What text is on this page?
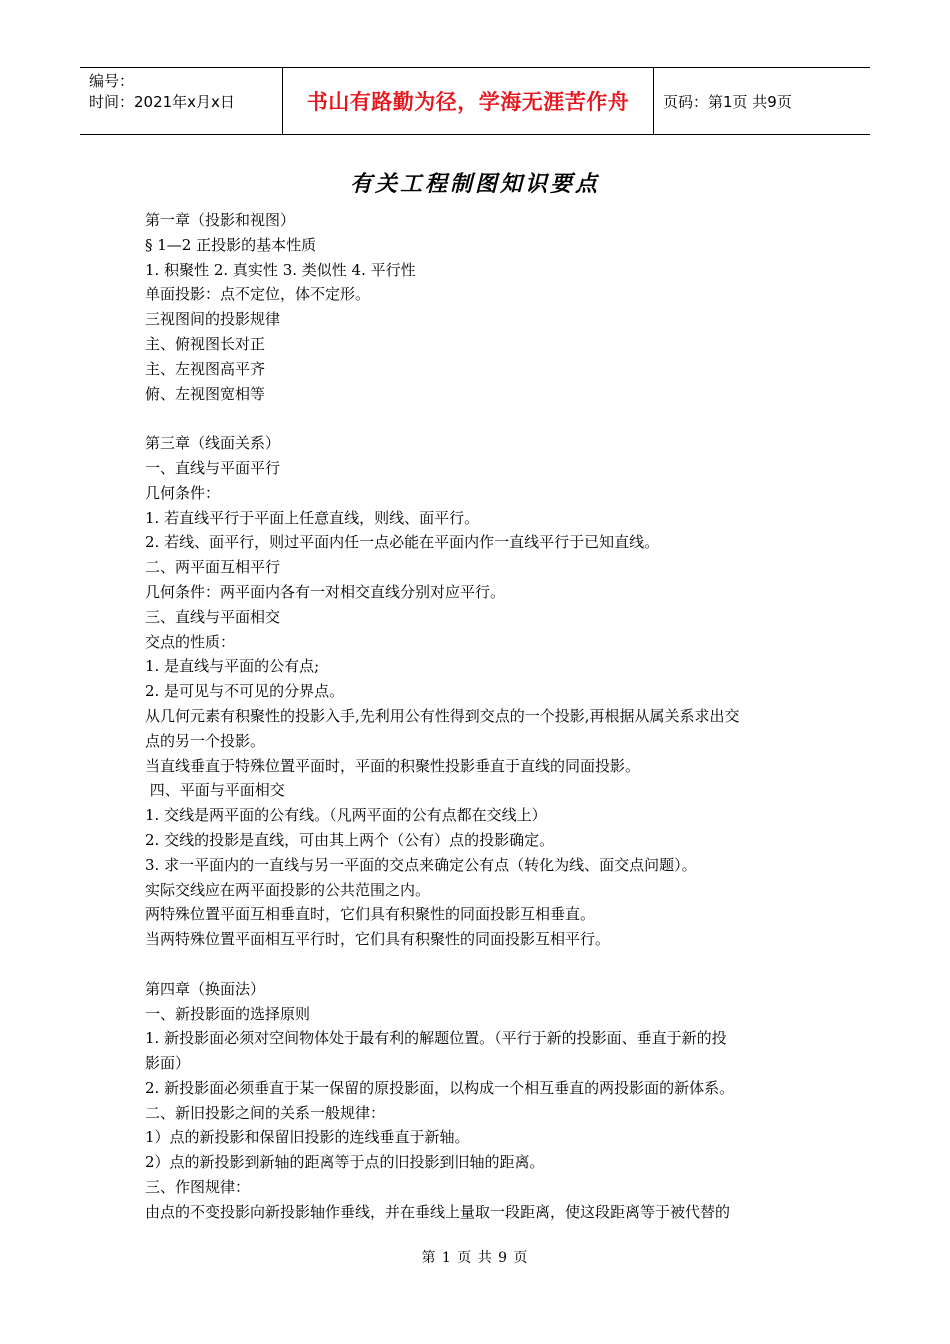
编号：
时间：2021年x月x日	书山有路勤为径，学海无涯苦作舟	页码：第1页 共9页
有关工程制图知识要点
第一章（投影和视图）
§ 1—2 正投影的基本性质
1. 积聚性 2. 真实性 3. 类似性 4. 平行性
单面投影：点不定位，体不定形。
三视图间的投影规律
主、俯视图长对正
主、左视图高平齐
俯、左视图宽相等
第三章（线面关系）
一、直线与平面平行
几何条件：
1. 若直线平行于平面上任意直线，则线、面平行。
2. 若线、面平行，则过平面内任一点必能在平面内作一直线平行于已知直线。
二、两平面互相平行
几何条件：两平面内各有一对相交直线分别对应平行。
三、直线与平面相交
交点的性质：
1. 是直线与平面的公有点;
2. 是可见与不可见的分界点。
从几何元素有积聚性的投影入手,先利用公有性得到交点的一个投影,再根据从属关系求出交
点的另一个投影。
当直线垂直于特殊位置平面时，平面的积聚性投影垂直于直线的同面投影。
四、平面与平面相交
1. 交线是两平面的公有线。（凡两平面的公有点都在交线上）
2. 交线的投影是直线，可由其上两个（公有）点的投影确定。
3. 求一平面内的一直线与另一平面的交点来确定公有点（转化为线、面交点问题）。
实际交线应在两平面投影的公共范围之内。
两特殊位置平面互相垂直时，它们具有积聚性的同面投影互相垂直。
当两特殊位置平面相互平行时，它们具有积聚性的同面投影互相平行。
第四章（换面法）
一、新投影面的选择原则
1. 新投影面必须对空间物体处于最有利的解题位置。（平行于新的投影面、垂直于新的投
影面）
2. 新投影面必须垂直于某一保留的原投影面，以构成一个相互垂直的两投影面的新体系。
二、新旧投影之间的关系一般规律：
1）点的新投影和保留旧投影的连线垂直于新轴。
2）点的新投影到新轴的距离等于点的旧投影到旧轴的距离。
三、作图规律：
由点的不变投影向新投影轴作垂线，并在垂线上量取一段距离，使这段距离等于被代替的
第 1 页 共 9 页
